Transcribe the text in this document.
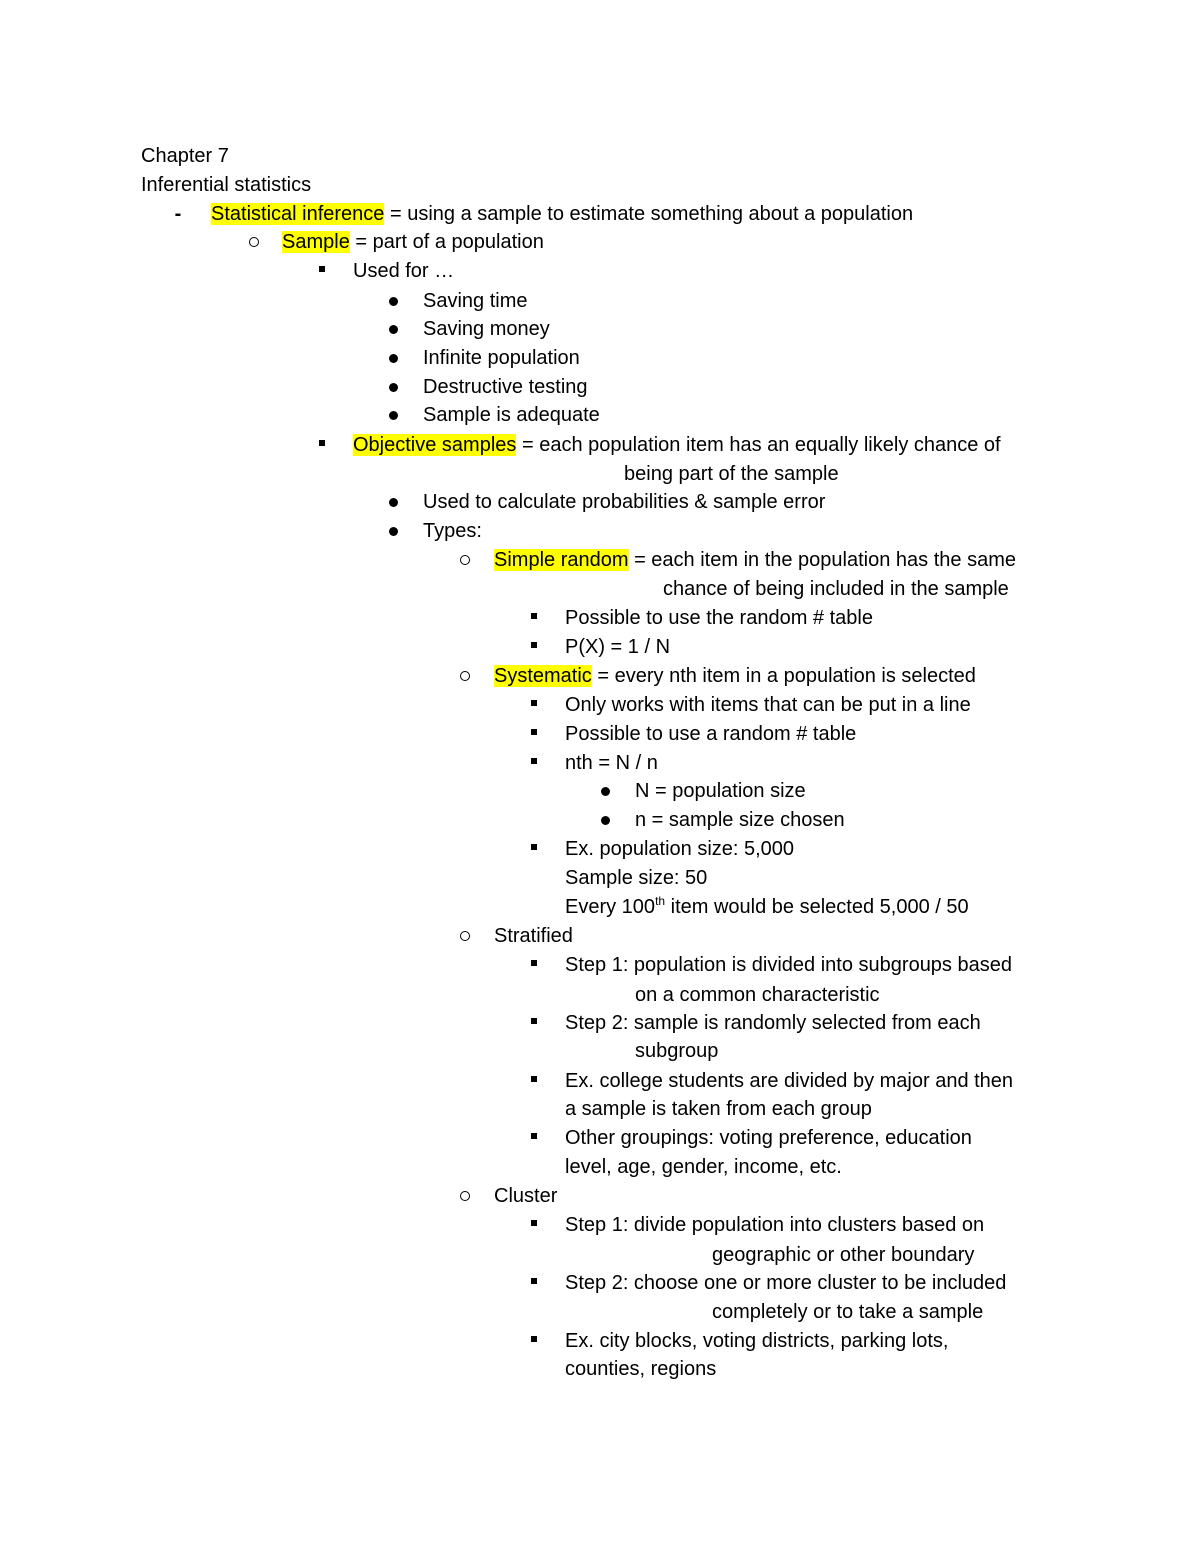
Chapter 7
Inferential statistics
-	Statistical inference = using a sample to estimate something about a population
Sample = part of a population
Used for …
Saving time
Saving money
Infinite population
Destructive testing
Sample is adequate
Objective samples = each population item has an equally likely chance of
being part of the sample
Used to calculate probabilities & sample error
Types:
Simple random = each item in the population has the same
chance of being included in the sample
Possible to use the random # table
P(X) = 1 / N
Systematic = every nth item in a population is selected
Only works with items that can be put in a line
Possible to use a random # table
nth = N / n
N = population size
n = sample size chosen
Ex. population size: 5,000
Sample size: 50
Every 100th item would be selected 5,000 / 50
Stratified
Step 1: population is divided into subgroups based
on a common characteristic
Step 2: sample is randomly selected from each
subgroup
Ex. college students are divided by major and then
a sample is taken from each group
Other groupings: voting preference, education
level, age, gender, income, etc.
Cluster
Step 1: divide population into clusters based on
geographic or other boundary
Step 2: choose one or more cluster to be included
completely or to take a sample
Ex. city blocks, voting districts, parking lots,
counties, regions
